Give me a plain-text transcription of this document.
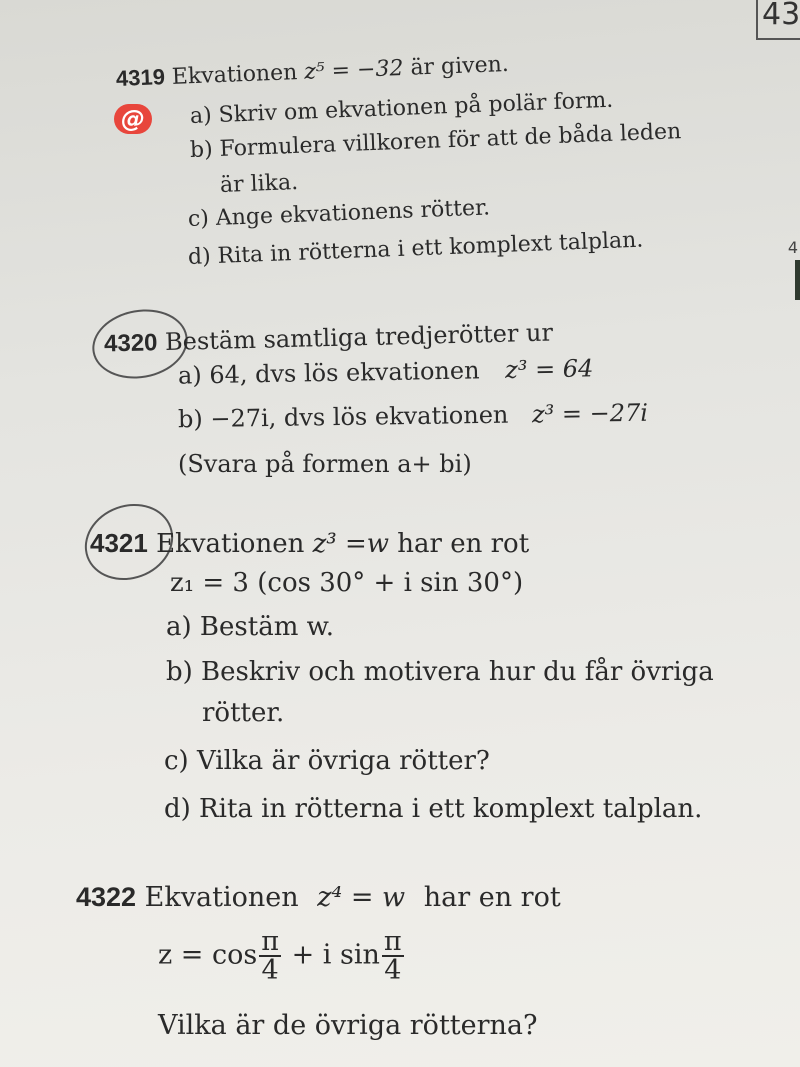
43
4
4319 Ekvationen z⁵ = −32 är given.
@	a) Skriv om ekvationen på polär form.
b) Formulera villkoren för att de båda leden
är lika.
c) Ange ekvationens rötter.
d) Rita in rötterna i ett komplext talplan.
4320 Bestäm samtliga tredjerötter ur
a) 64, dvs lös ekvationen z³ = 64
b) −27i, dvs lös ekvationen z³ = −27i
(Svara på formen a+ bi)
4321 Ekvationen z³ =w har en rot
z₁ = 3 (cos 30° + i sin 30°)
a) Bestäm w.
b) Beskriv och motivera hur du får övriga
rötter.
c) Vilka är övriga rötter?
d) Rita in rötterna i ett komplext talplan.
4322 Ekvationen z⁴ = w har en rot
$z = \cos \frac{\pi}{4} + i$ $\sin \frac{\pi}{4}$
Vilka är de övriga rötterna?
